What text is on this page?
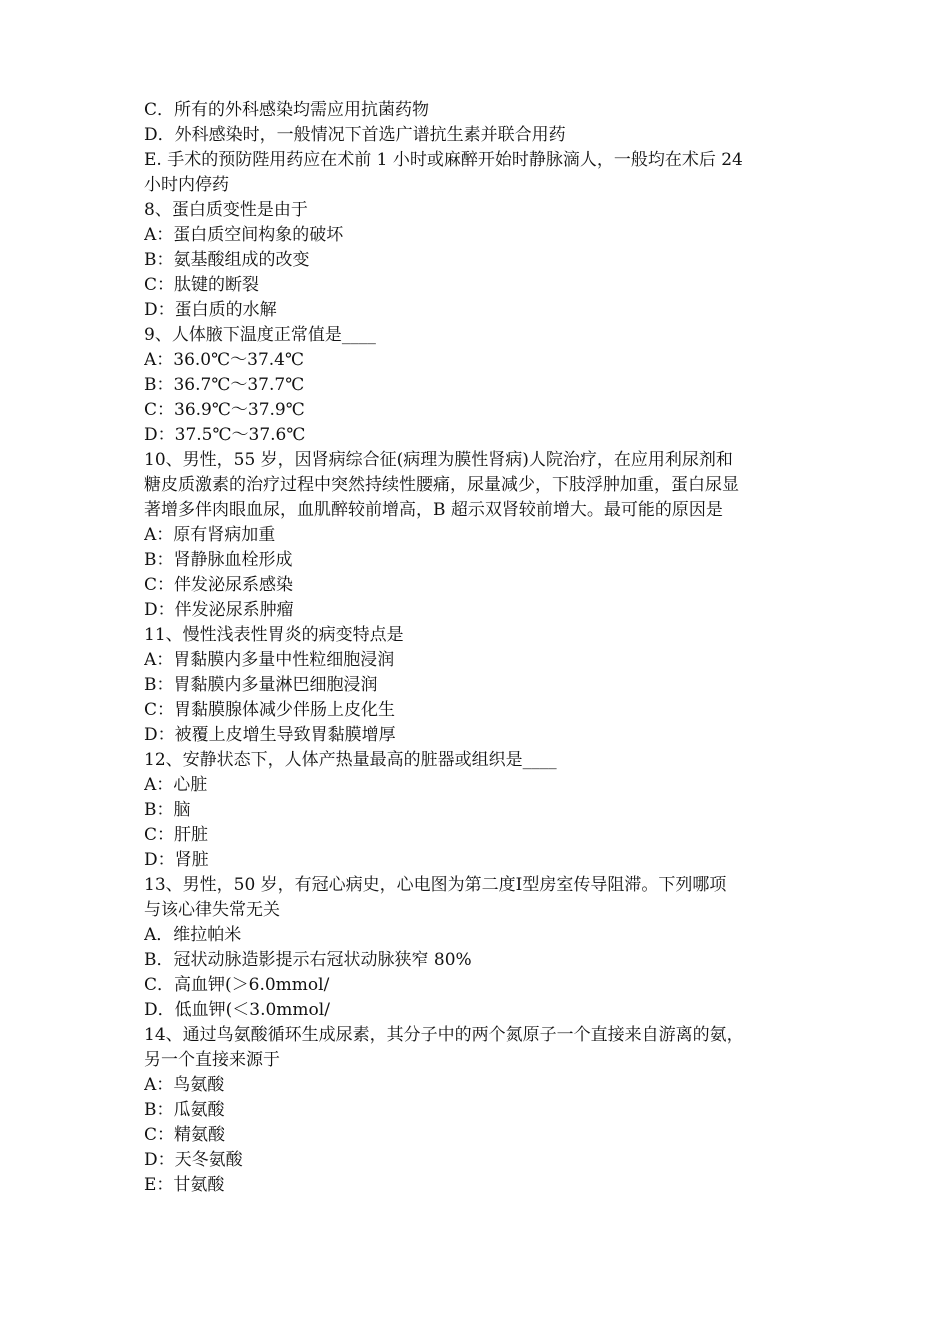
C．所有的外科感染均需应用抗菌药物
D．外科感染时，一般情况下首选广谱抗生素并联合用药
E. 手术的预防陛用药应在术前 1 小时或麻醉开始时静脉滴人，一般均在术后 24
小时内停药
8、蛋白质变性是由于
A：蛋白质空间构象的破坏
B：氨基酸组成的改变
C：肽键的断裂
D：蛋白质的水解
9、人体腋下温度正常值是____
A：36.0℃～37.4℃
B：36.7℃～37.7℃
C：36.9℃～37.9℃
D：37.5℃～37.6℃
10、男性，55 岁，因肾病综合征(病理为膜性肾病)人院治疗，在应用利尿剂和
糖皮质激素的治疗过程中突然持续性腰痛，尿量减少，下肢浮肿加重，蛋白尿显
著增多伴肉眼血尿，血肌醉较前增高，B 超示双肾较前增大。最可能的原因是
A：原有肾病加重
B：肾静脉血栓形成
C：伴发泌尿系感染
D：伴发泌尿系肿瘤
11、慢性浅表性胃炎的病变特点是
A：胃黏膜内多量中性粒细胞浸润
B：胃黏膜内多量淋巴细胞浸润
C：胃黏膜腺体减少伴肠上皮化生
D：被覆上皮增生导致胃黏膜增厚
12、安静状态下，人体产热量最高的脏器或组织是____
A：心脏
B：脑
C：肝脏
D：肾脏
13、男性，50 岁，有冠心病史，心电图为第二度Ⅰ型房室传导阻滞。下列哪项
与该心律失常无关
A．维拉帕米
B．冠状动脉造影提示右冠状动脉狭窄 80%
C．高血钾(＞6.0mmol/
D．低血钾(＜3.0mmol/
14、通过鸟氨酸循环生成尿素，其分子中的两个氮原子一个直接来自游离的氨，
另一个直接来源于
A：鸟氨酸
B：瓜氨酸
C：精氨酸
D：天冬氨酸
E：甘氨酸
